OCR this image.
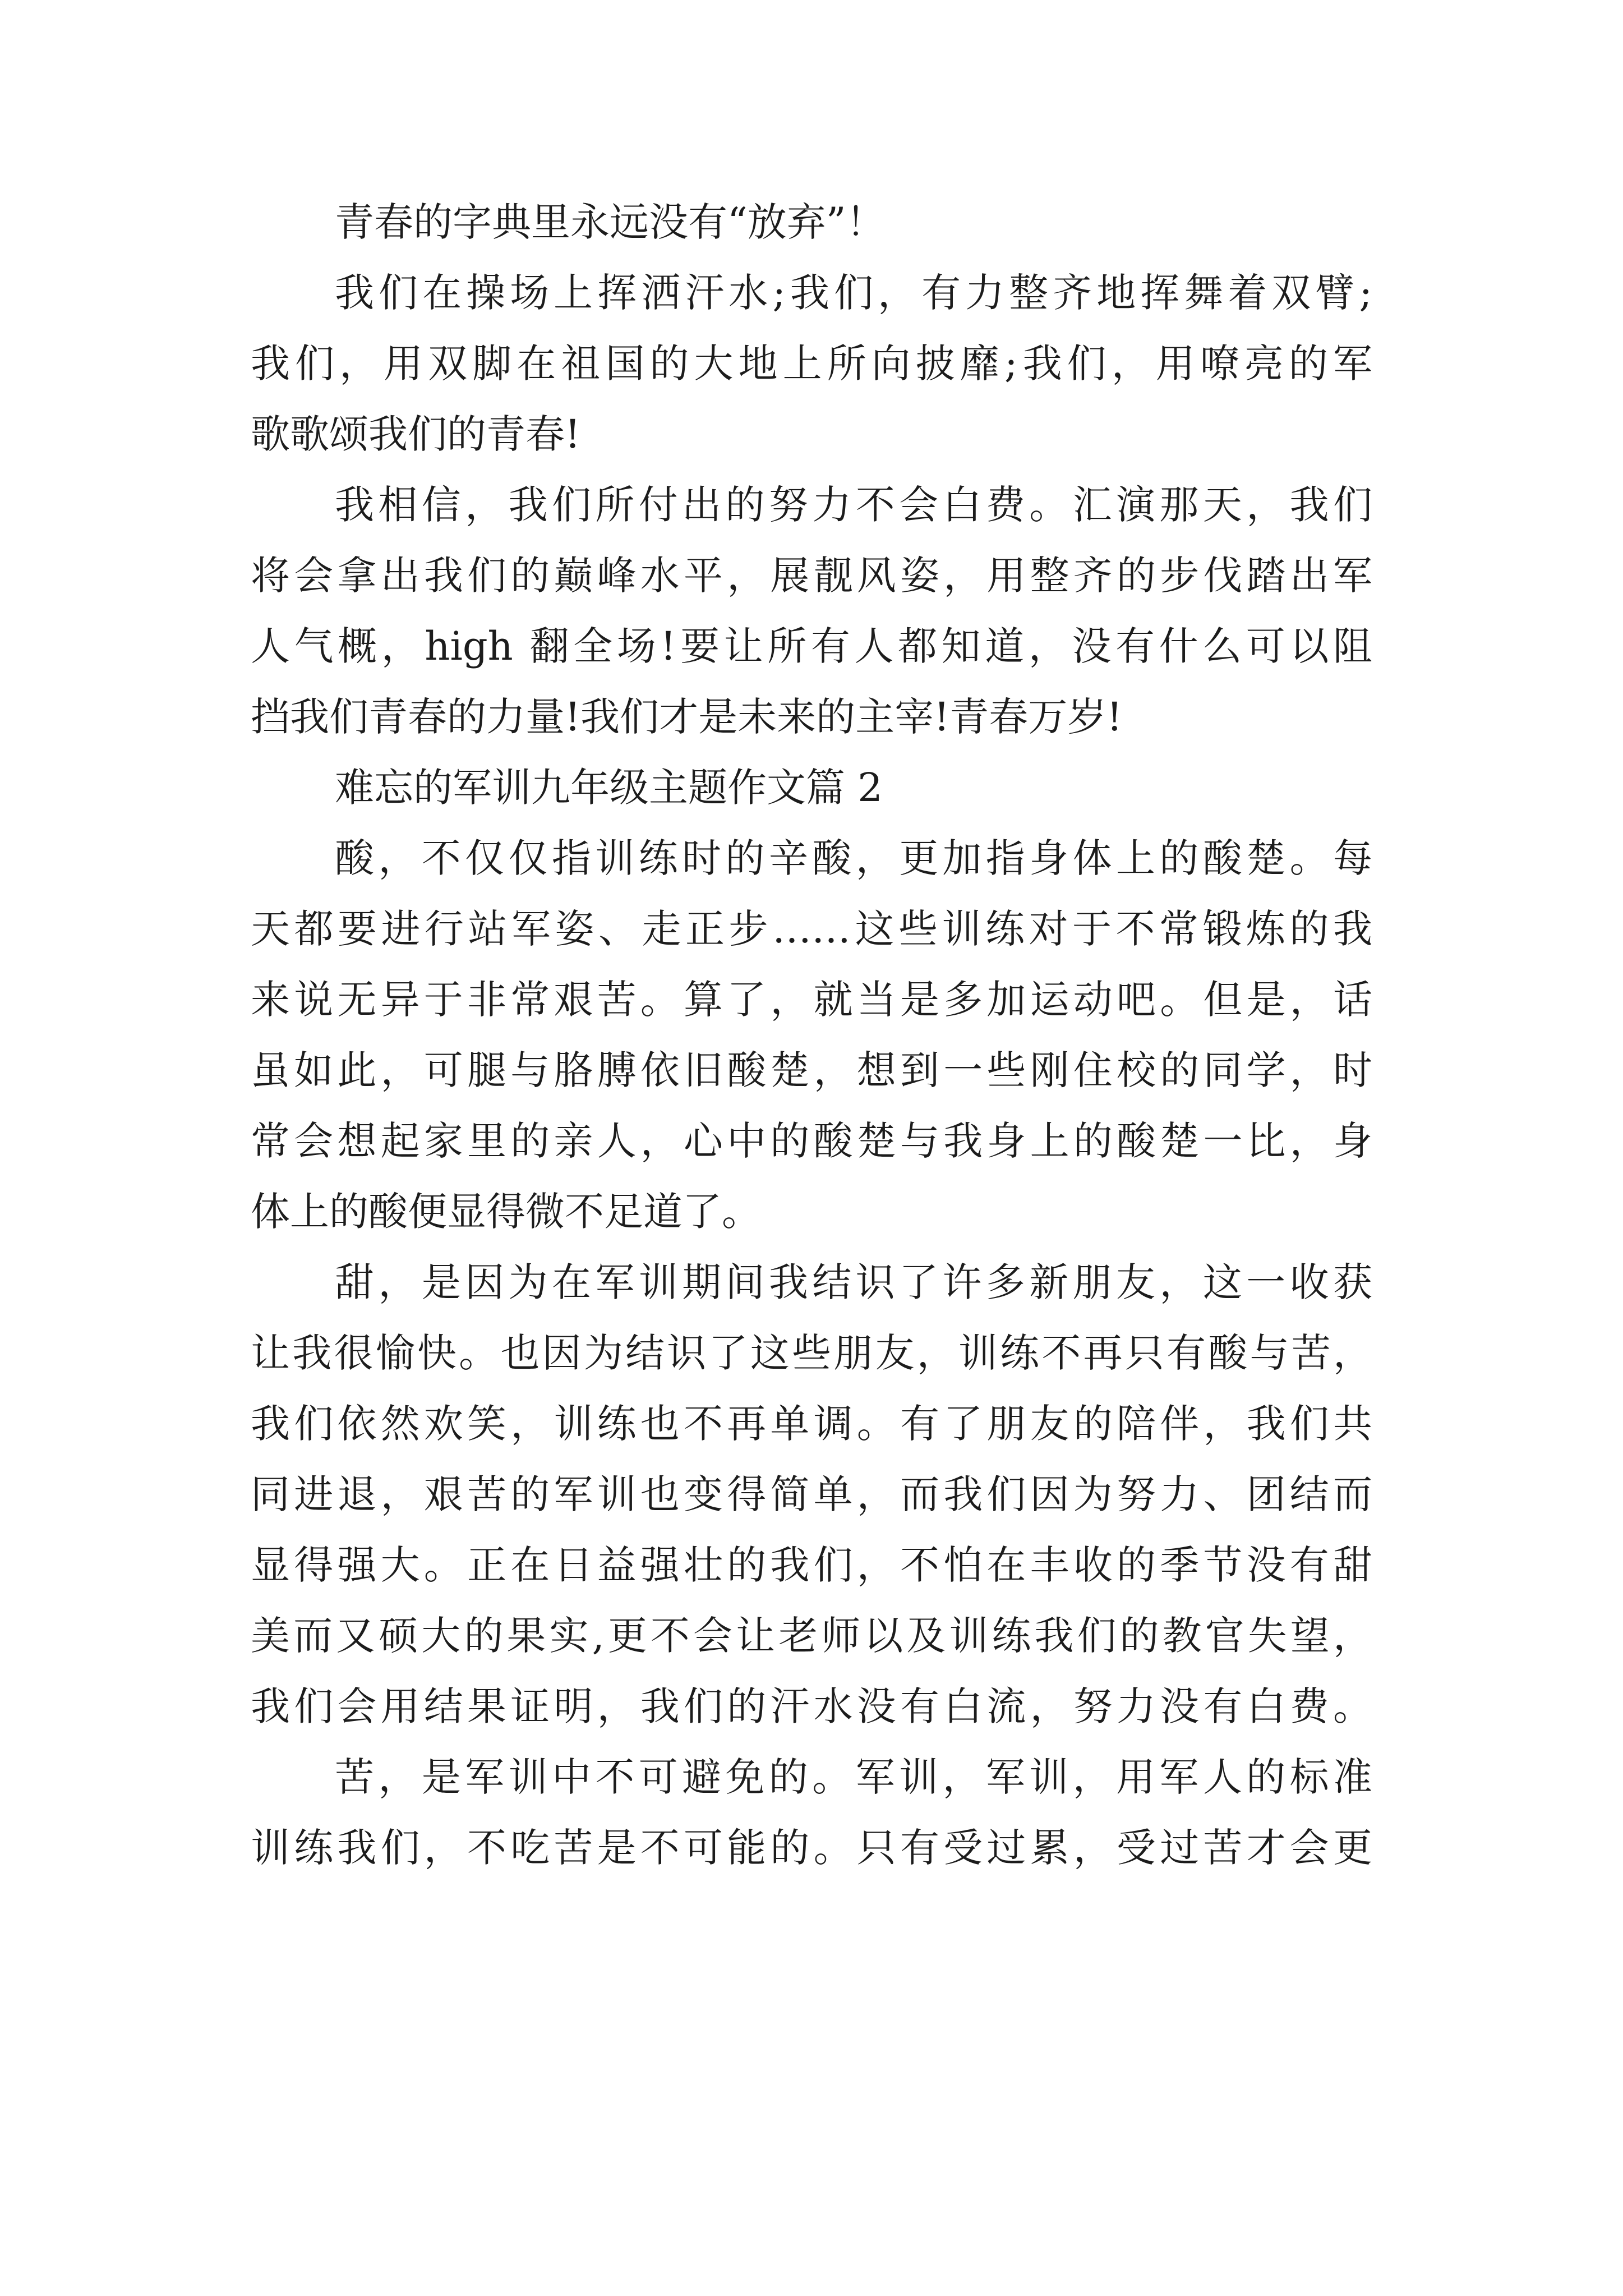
青春的字典里永远没有“放弃”！
我们在操场上挥洒汗水;我们，有力整齐地挥舞着双臂;
我们，用双脚在祖国的大地上所向披靡;我们，用嘹亮的军
歌歌颂我们的青春!
我相信，我们所付出的努力不会白费。汇演那天，我们
将会拿出我们的巅峰水平，展靓风姿，用整齐的步伐踏出军
人气概，high 翻全场!要让所有人都知道，没有什么可以阻
挡我们青春的力量!我们才是未来的主宰!青春万岁!
难忘的军训九年级主题作文篇 2
酸，不仅仅指训练时的辛酸，更加指身体上的酸楚。每
天都要进行站军姿、走正步……这些训练对于不常锻炼的我
来说无异于非常艰苦。算了，就当是多加运动吧。但是，话
虽如此，可腿与胳膊依旧酸楚，想到一些刚住校的同学，时
常会想起家里的亲人，心中的酸楚与我身上的酸楚一比，身
体上的酸便显得微不足道了。
甜，是因为在军训期间我结识了许多新朋友，这一收获
让我很愉快。也因为结识了这些朋友，训练不再只有酸与苦，
我们依然欢笑，训练也不再单调。有了朋友的陪伴，我们共
同进退，艰苦的军训也变得简单，而我们因为努力、团结而
显得强大。正在日益强壮的我们，不怕在丰收的季节没有甜
美而又硕大的果实,更不会让老师以及训练我们的教官失望，
我们会用结果证明，我们的汗水没有白流，努力没有白费。
苦，是军训中不可避免的。军训，军训，用军人的标准
训练我们，不吃苦是不可能的。只有受过累，受过苦才会更
